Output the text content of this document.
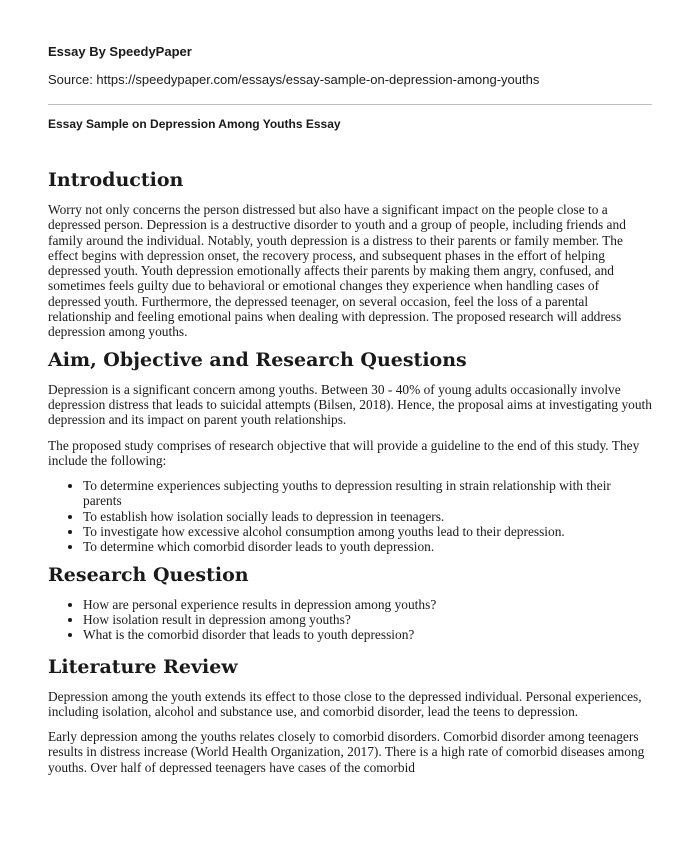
Essay By SpeedyPaper
Source: https://speedypaper.com/essays/essay-sample-on-depression-among-youths
Essay Sample on Depression Among Youths Essay
Introduction

Worry not only concerns the person distressed but also have a significant impact on the people close to a depressed person. Depression is a destructive disorder to youth and a group of people, including friends and family around the individual. Notably, youth depression is a distress to their parents or family member. The effect begins with depression onset, the recovery process, and subsequent phases in the effort of helping depressed youth. Youth depression emotionally affects their parents by making them angry, confused, and sometimes feels guilty due to behavioral or emotional changes they experience when handling cases of depressed youth. Furthermore, the depressed teenager, on several occasion, feel the loss of a parental relationship and feeling emotional pains when dealing with depression. The proposed research will address depression among youths.

Aim, Objective and Research Questions

Depression is a significant concern among youths. Between 30 - 40% of young adults occasionally involve depression distress that leads to suicidal attempts (Bilsen, 2018). Hence, the proposal aims at investigating youth depression and its impact on parent youth relationships.

The proposed study comprises of research objective that will provide a guideline to the end of this study. They include the following:

• To determine experiences subjecting youths to depression resulting in strain relationship with their parents
• To establish how isolation socially leads to depression in teenagers.
• To investigate how excessive alcohol consumption among youths lead to their depression.
• To determine which comorbid disorder leads to youth depression.
Research Question
• How are personal experience results in depression among youths?
• How isolation result in depression among youths?
• What is the comorbid disorder that leads to youth depression?
Literature Review

Depression among the youth extends its effect to those close to the depressed individual. Personal experiences, including isolation, alcohol and substance use, and comorbid disorder, lead the teens to depression.

Early depression among the youths relates closely to comorbid disorders. Comorbid disorder among teenagers results in distress increase (World Health Organization, 2017). There is a high rate of comorbid diseases among youths. Over half of depressed teenagers have cases of the comorbid
